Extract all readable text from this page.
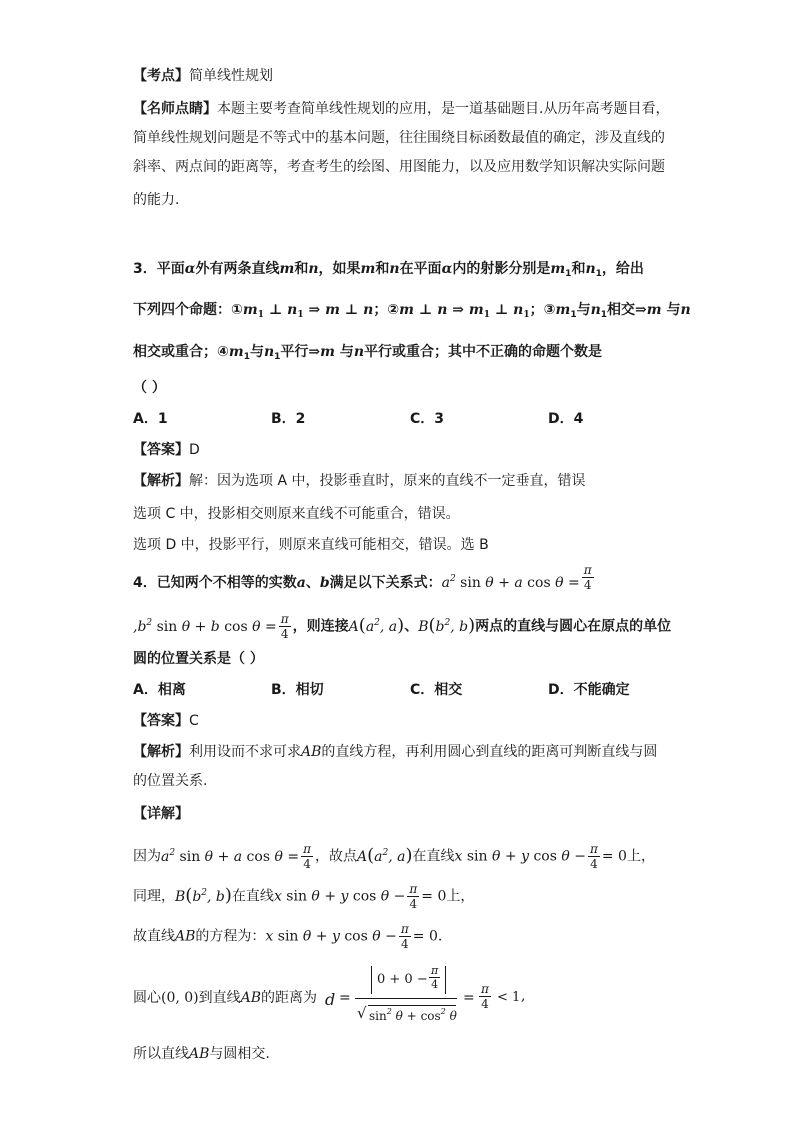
【考点】简单线性规划
【名师点睛】本题主要考查简单线性规划的应用，是一道基础题目.从历年高考题目看，
简单线性规划问题是不等式中的基本问题，往往围绕目标函数最值的确定，涉及直线的
斜率、两点间的距离等，考查考生的绘图、用图能力，以及应用数学知识解决实际问题
的能力.
3．平面α外有两条直线m和n，如果m和n在平面α内的射影分别是$m_1$和$n_1$，给出
下列四个命题：$①m_1$ ⊥ $n_1$ ⇒ m ⊥ n；②m ⊥ n ⇒ $m_1$ ⊥ $n_1$；$③m_1$与$n_1$相交⇒m 与n
相交或重合；$④m_1$与$n_1$平行⇒m 与n平行或重合；其中不正确的命题个数是
（ ）
A．1	B．2	C．3	D．4
【答案】D
【解析】解：因为选项 A 中，投影垂直时，原来的直线不一定垂直，错误
选项 C 中，投影相交则原来直线不可能重合，错误。
选项 D 中，投影平行，则原来直线可能相交，错误。选 B
4．已知两个不相等的实数a、b满足以下关系式：$a^2$ sin θ + a $\cos \theta = \frac{\pi}{4}$
$,b^2$ sin θ + b $\cos \theta = \frac{\pi}{4}$ ，则连接$A(a^2$, a)、$B(b^2$, b)两点的直线与圆心在原点的单位
圆的位置关系是（ ）
A．相离	B．相切	C．相交	D．不能确定
【答案】C
【解析】利用设而不求可求AB的直线方程，再利用圆心到直线的距离可判断直线与圆
的位置关系.
【详解】
因为$a^2$ sin θ + a $\cos \theta = \frac{\pi}{4}$ ，故点$A(a^2$, a)在直线x sin θ + y $\cos \theta - \frac{\pi}{4} = 0$上，
同理，$B(b^2$, b)在直线x sin θ + y $\cos \theta - \frac{\pi}{4} = 0$上，
故直线AB的方程为：x sin θ + y $\cos \theta - \frac{\pi}{4} = 0$.
圆心(0, 0)到直线AB的距离为 d =
$0 + 0 - \frac{\pi}{4}$
√ $\sin^2 \theta + \cos^2 \theta$
= $\frac{\pi}{4} < 1$ ,
所以直线AB与圆相交.
